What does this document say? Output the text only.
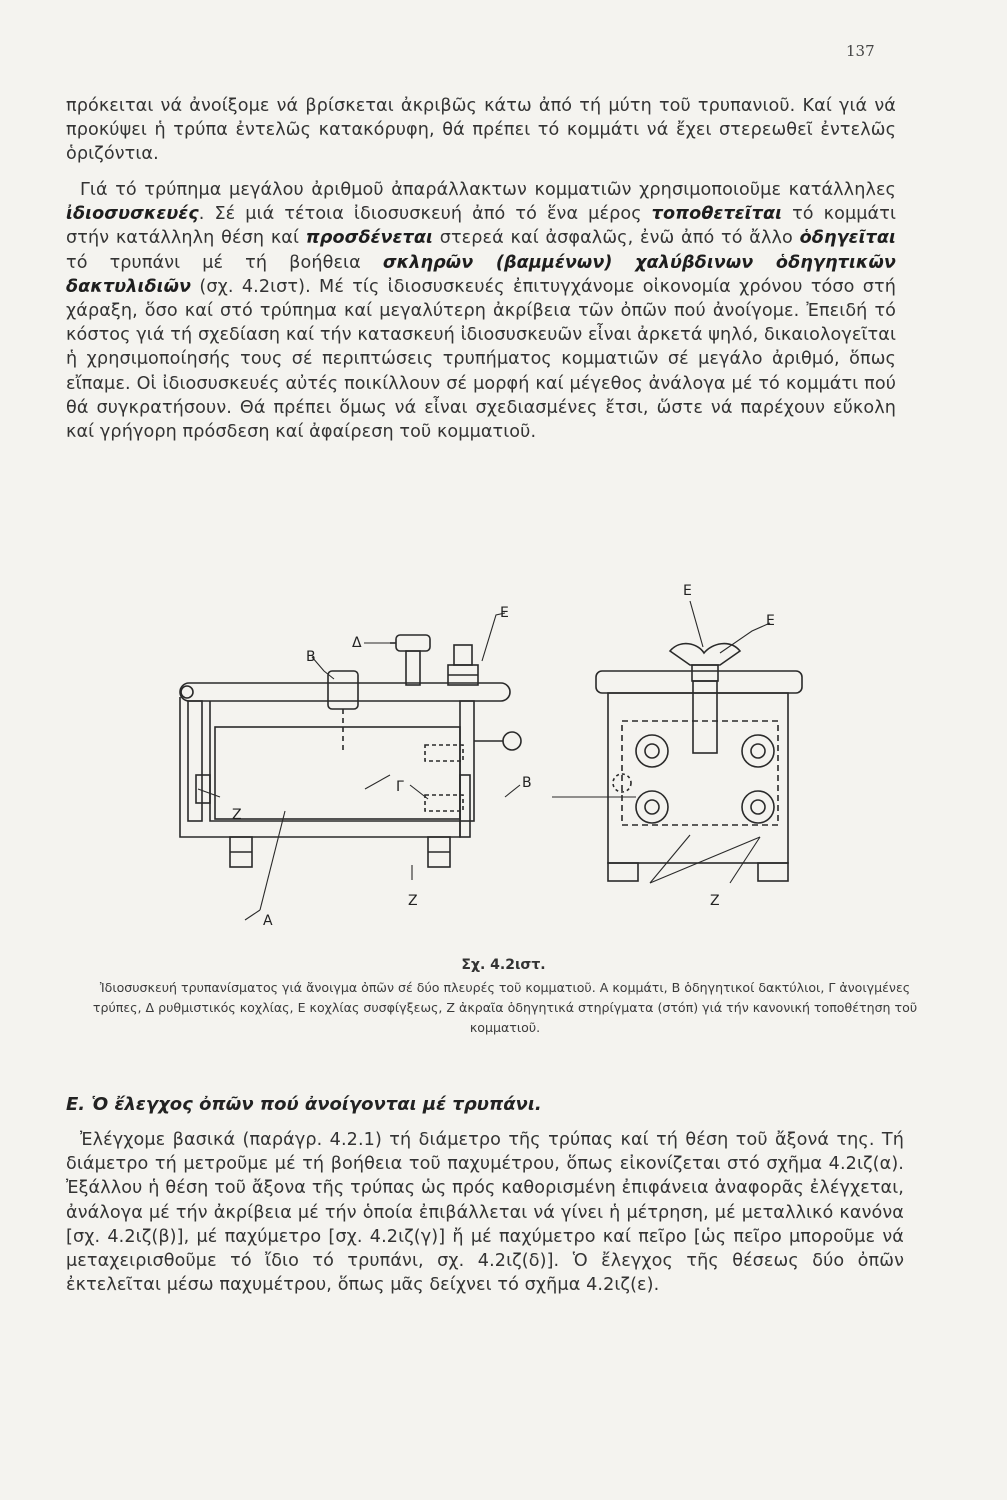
137

πρόκειται νά ἀνοίξομε νά βρίσκεται ἀκριβῶς κάτω ἀπό τή μύτη τοῦ τρυπανιοῦ. Καί γιά νά προκύψει ἡ τρύπα ἐντελῶς κατακόρυφη, θά πρέπει τό κομμάτι νά ἔχει στερεωθεῖ ἐντελῶς ὁριζόντια.

Γιά τό τρύπημα μεγάλου ἀριθμοῦ ἀπαράλλακτων κομματιῶν χρησιμοποιοῦμε κατάλληλες ἰδιοσυσκευές. Σέ μιά τέτοια ἰδιοσυσκευή ἀπό τό ἕνα μέρος τοποθετεῖται τό κομμάτι στήν κατάλληλη θέση καί προσδένεται στερεά καί ἀσφαλῶς, ἐνῶ ἀπό τό ἄλλο ὁδηγεῖται τό τρυπάνι μέ τή βοήθεια σκληρῶν (βαμμένων) χαλύβδινων ὁδηγητικῶν δακτυλιδιῶν (σχ. 4.2ιστ). Μέ τίς ἰδιοσυσκευές ἐπιτυγχάνομε οἰκονομία χρόνου τόσο στή χάραξη, ὅσο καί στό τρύπημα καί μεγαλύτερη ἀκρίβεια τῶν ὀπῶν πού ἀνοίγομε. Ἐπειδή τό κόστος γιά τή σχεδίαση καί τήν κατασκευή ἰδιοσυσκευῶν εἶναι ἀρκετά ψηλό, δικαιολογεῖται ἡ χρησιμοποίησής τους σέ περιπτώσεις τρυπήματος κομματιῶν σέ μεγάλο ἀριθμό, ὅπως εἴπαμε. Οἱ ἰδιοσυσκευές αὐτές ποικίλλουν σέ μορφή καί μέγεθος ἀνάλογα μέ τό κομμάτι πού θά συγκρατήσουν. Θά πρέπει ὅμως νά εἶναι σχεδιασμένες ἔτσι, ὥστε νά παρέχουν εὔκολη καί γρήγορη πρόσδεση καί ἀφαίρεση τοῦ κομματιοῦ.

E
B
Δ
Γ
Z
A
Z
B
E
E
Z
Σχ. 4.2ιστ.

Ἰδιοσυσκευή τρυπανίσματος γιά ἄνοιγμα ὀπῶν σέ δύο πλευρές τοῦ κομματιοῦ. A κομμάτι, B ὁδηγητικοί δακτύλιοι, Γ ἀνοιγμένες τρύπες, Δ ρυθμιστικός κοχλίας, E κοχλίας συσφίγξεως, Z ἀκραῖα ὁδηγητικά στηρίγματα (στόπ) γιά τήν κανονική τοποθέτηση τοῦ κομματιοῦ.

E. Ὁ ἔλεγχος ὀπῶν πού ἀνοίγονται μέ τρυπάνι.

Ἐλέγχομε βασικά (παράγρ. 4.2.1) τή διάμετρο τῆς τρύπας καί τή θέση τοῦ ἄξονά της. Τή διάμετρο τή μετροῦμε μέ τή βοήθεια τοῦ παχυμέτρου, ὅπως εἰκονίζεται στό σχῆμα 4.2ιζ(α). Ἐξάλλου ἡ θέση τοῦ ἄξονα τῆς τρύπας ὡς πρός καθορισμένη ἐπιφάνεια ἀναφορᾶς ἐλέγχεται, ἀνάλογα μέ τήν ἀκρίβεια μέ τήν ὁποία ἐπιβάλλεται νά γίνει ἡ μέτρηση, μέ μεταλλικό κανόνα [σχ. 4.2ιζ(β)], μέ παχύμετρο [σχ. 4.2ιζ(γ)] ἤ μέ παχύμετρο καί πεῖρο [ὡς πεῖρο μποροῦμε νά μεταχειρισθοῦμε τό ἴδιο τό τρυπάνι, σχ. 4.2ιζ(δ)]. Ὁ ἔλεγχος τῆς θέσεως δύο ὀπῶν ἐκτελεῖται μέσω παχυμέτρου, ὅπως μᾶς δείχνει τό σχῆμα 4.2ιζ(ε).
